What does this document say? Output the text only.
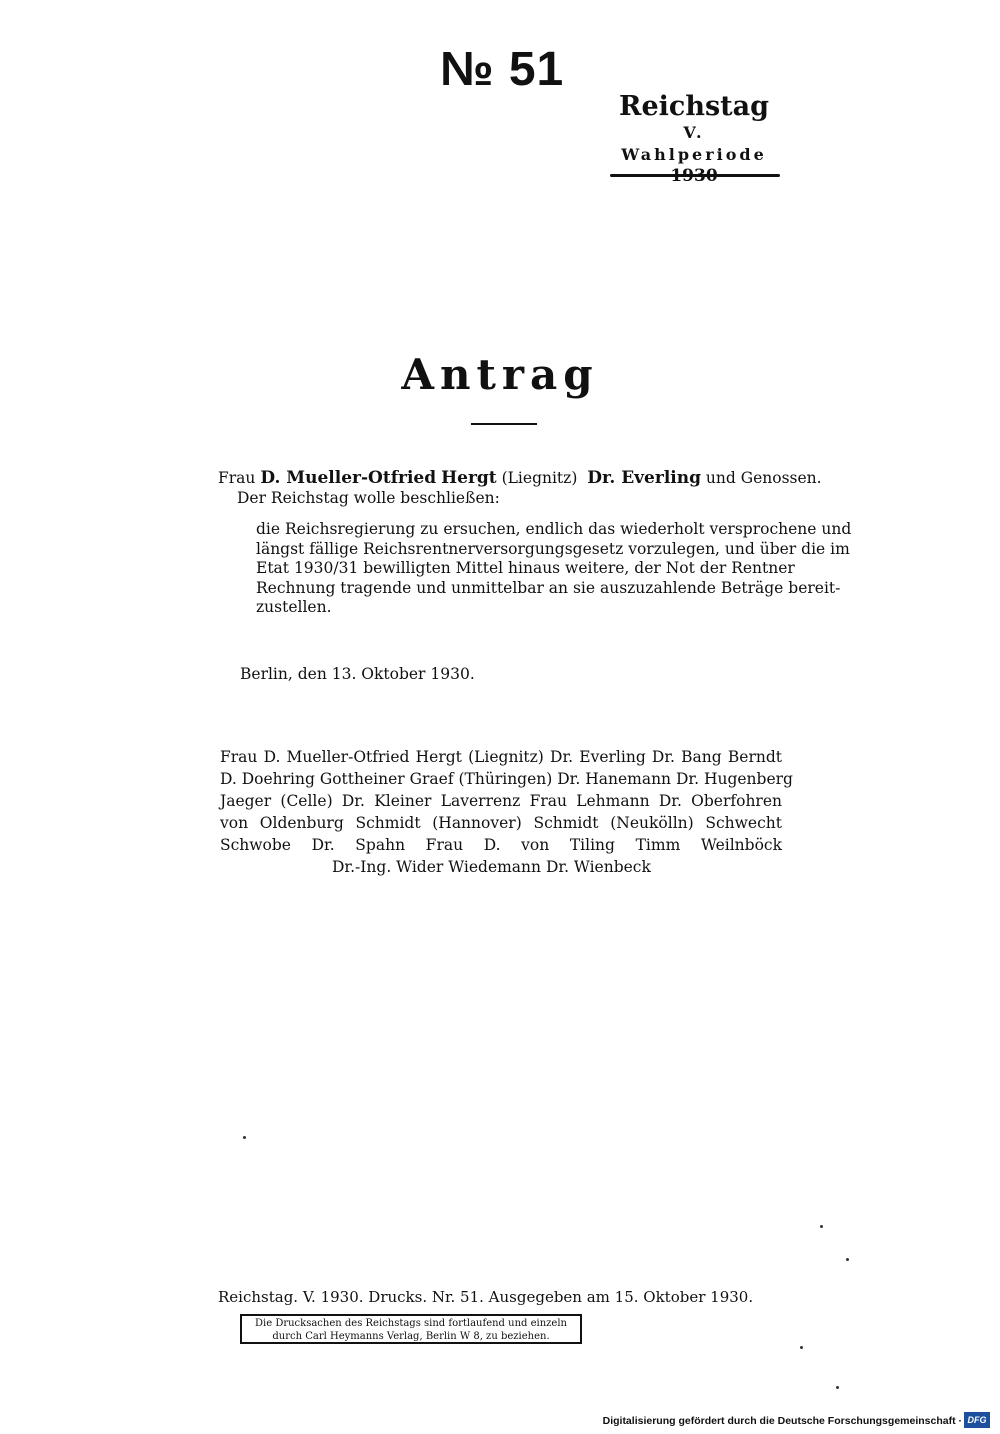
№ 51
Reichstag
V. Wahlperiode
Antrag
Frau D. Mueller-Otfried Hergt (Liegnitz) Dr. Everling und Genossen.
Der Reichstag wolle beschließen:
die Reichsregierung zu ersuchen, endlich das wiederholt versprochene und
längst fällige Reichsrentnerversorgungsgesetz vorzulegen, und über die im
Etat 1930/31 bewilligten Mittel hinaus weitere, der Not der Rentner
Rechnung tragende und unmittelbar an sie auszuzahlende Beträge bereit-
zustellen.
Berlin, den 13. Oktober 1930.
Frau D. Mueller-Otfried Hergt (Liegnitz) Dr. Everling Dr. Bang Berndt
D. Doehring Gottheiner Graef (Thüringen) Dr. Hanemann Dr. Hugenberg
Jaeger (Celle) Dr. Kleiner Laverrenz Frau Lehmann Dr. Oberfohren
von Oldenburg Schmidt (Hannover) Schmidt (Neukölln) Schwecht
Schwobe Dr. Spahn Frau D. von Tiling Timm Weilnböck
Dr.-Ing. Wider Wiedemann Dr. Wienbeck
Reichstag. V. 1930. Drucks. Nr. 51. Ausgegeben am 15. Oktober 1930.
Die Drucksachen des Reichstags sind fortlaufend und einzeln
durch Carl Heymanns Verlag, Berlin W 8, zu beziehen.
Digitalisierung gefördert durch die Deutsche Forschungsgemeinschaft · DFG
